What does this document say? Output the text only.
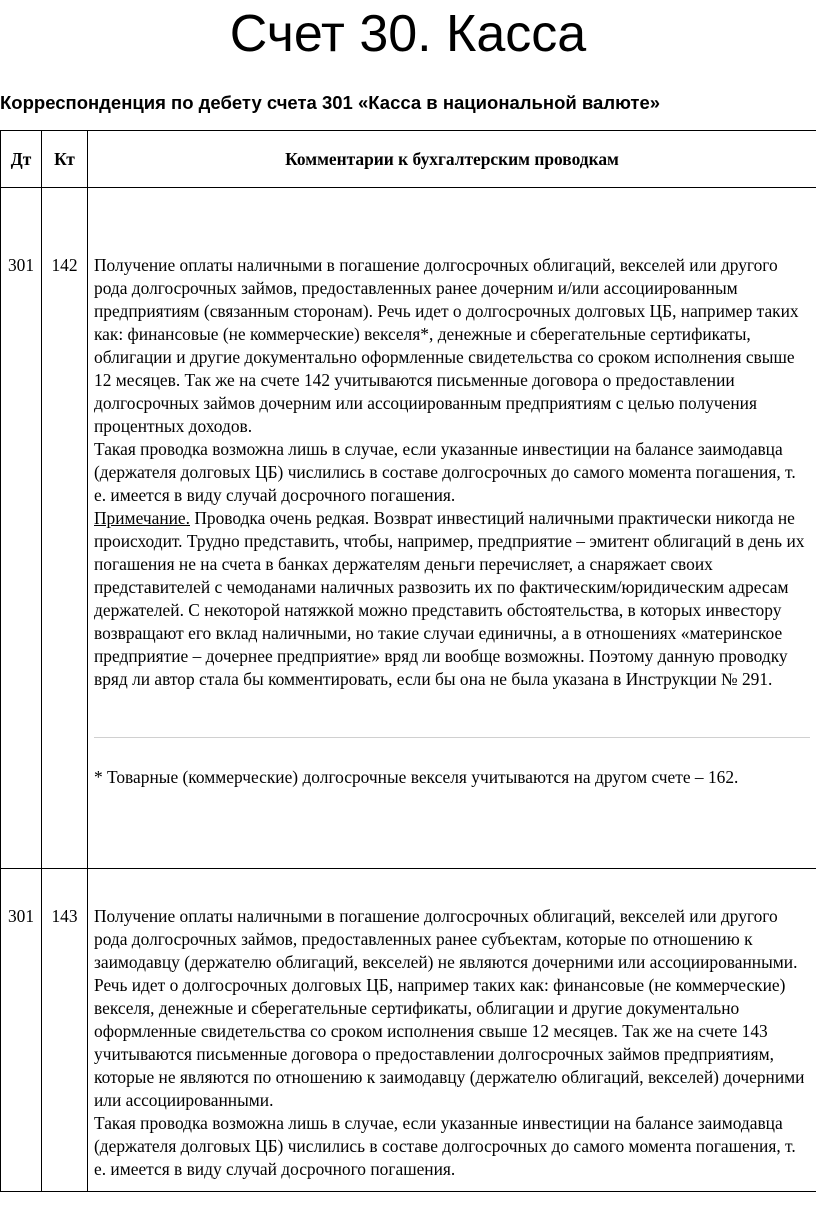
Счет 30. Касса
Корреспонденция по дебету счета 301 «Касса в национальной валюте»
Дт	Кт	Комментарии к бухгалтерским проводкам
301	142	Получение оплаты наличными в погашение долгосрочных облигаций, векселей или другого рода долгосрочных займов, предоставленных ранее дочерним и/или ассоциированным предприятиям (связанным сторонам). Речь идет о долгосрочных долговых ЦБ, например таких как: финансовые (не коммерческие) векселя*, денежные и сберегательные сертификаты, облигации и другие документально оформленные свидетельства со сроком исполнения свыше 12 месяцев. Так же на счете 142 учитываются письменные договора о предоставлении долгосрочных займов дочерним или ассоциированным предприятиям с целью получения процентных доходов.

Такая проводка возможна лишь в случае, если указанные инвестиции на балансе заимодавца (держателя долговых ЦБ) числились в составе долгосрочных до самого момента погашения, т. е. имеется в виду случай досрочного погашения.

Примечание. Проводка очень редкая. Возврат инвестиций наличными практически никогда не происходит. Трудно представить, чтобы, например, предприятие – эмитент облигаций в день их погашения не на счета в банках держателям деньги перечисляет, а снаряжает своих представителей с чемоданами наличных развозить их по фактическим/юридическим адресам держателей. С некоторой натяжкой можно представить обстоятельства, в которых инвестору возвращают его вклад наличными, но такие случаи единичны, а в отношениях «материнское предприятие – дочернее предприятие» вряд ли вообще возможны. Поэтому данную проводку вряд ли автор стала бы комментировать, если бы она не была указана в Инструкции № 291.

* Товарные (коммерческие) долгосрочные векселя учитываются на другом счете – 162.

301	143	Получение оплаты наличными в погашение долгосрочных облигаций, векселей или другого рода долгосрочных займов, предоставленных ранее субъектам, которые по отношению к заимодавцу (держателю облигаций, векселей) не являются дочерними или ассоциированными. Речь идет о долгосрочных долговых ЦБ, например таких как: финансовые (не коммерческие) векселя, денежные и сберегательные сертификаты, облигации и другие документально оформленные свидетельства со сроком исполнения свыше 12 месяцев. Так же на счете 143 учитываются письменные договора о предоставлении долгосрочных займов предприятиям, которые не являются по отношению к заимодавцу (держателю облигаций, векселей) дочерними или ассоциированными.

Такая проводка возможна лишь в случае, если указанные инвестиции на балансе заимодавца (держателя долговых ЦБ) числились в составе долгосрочных до самого момента погашения, т. е. имеется в виду случай досрочного погашения.
